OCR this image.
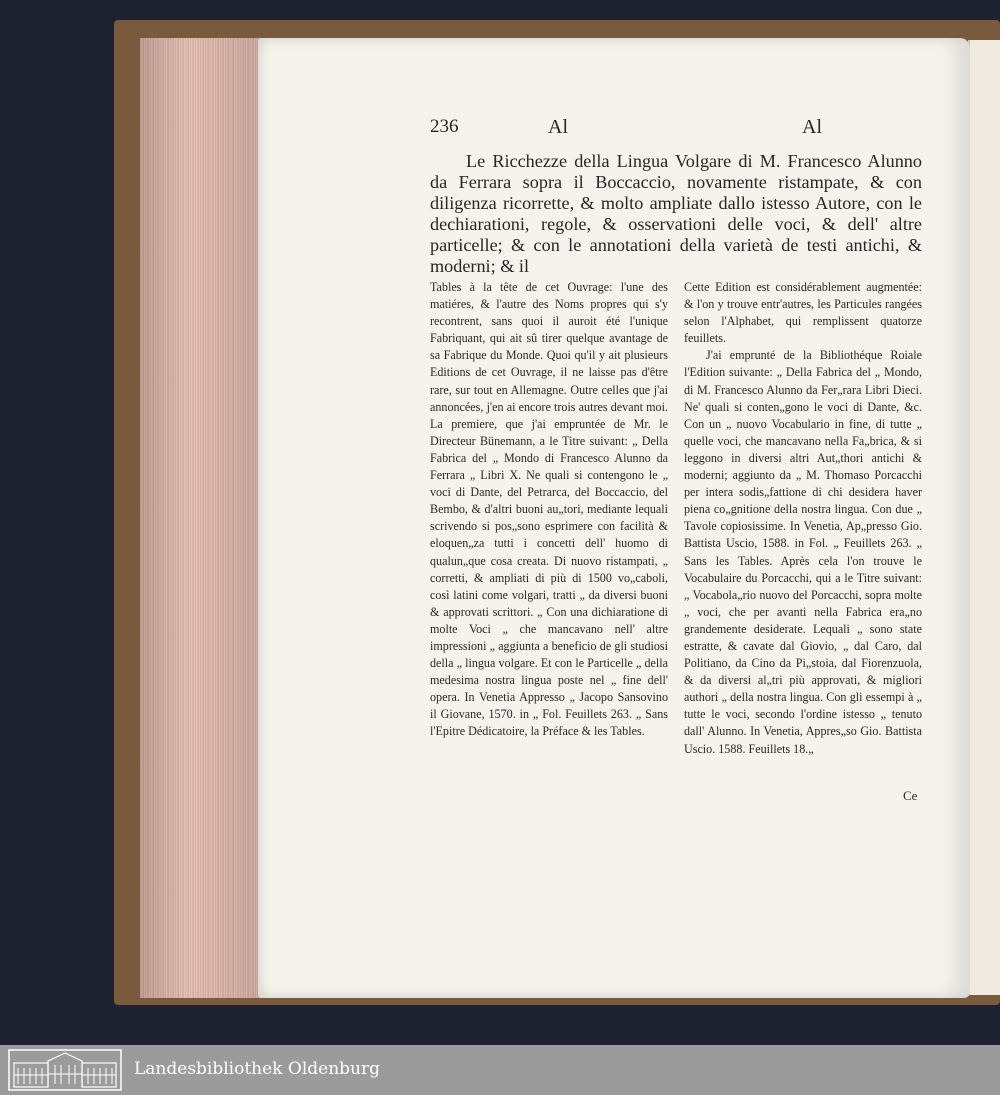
236	Al	Al
Le Ricchezze della Lingua Volgare di M. Francesco Alunno da Ferrara sopra il Boccaccio, novamente ristampate, & con diligenza ricorrette, & molto ampliate dallo istesso Autore, con le dechiarationi, regole, & osservationi delle voci, & dell' altre particelle; & con le annotationi della varietà de testi antichi, & moderni; & il

Tables à la tête de cet Ouvrage: l'une des matiéres, & l'autre des Noms propres qui s'y recontrent, sans quoi il auroit été l'unique Fabriquant, qui ait sû tirer quelque avantage de sa Fabrique du Monde. Quoi qu'il y ait plusieurs Editions de cet Ouvrage, il ne laisse pas d'être rare, sur tout en Allemagne. Outre celles que j'ai annoncées, j'en ai encore trois autres devant moi. La premiere, que j'ai empruntée de Mr. le Directeur Bünemann, a le Titre suivant: „ Della Fabrica del „ Mondo di Francesco Alunno da Ferrara „ Libri X. Ne quali si contengono le „ voci di Dante, del Petrarca, del Boccaccio, del Bembo, & d'altri buoni au„tori, mediante lequali scrivendo si pos„sono esprimere con facilità & eloquen„za tutti i concetti dell' huomo di qualun„que cosa creata. Di nuovo ristampati, „ corretti, & ampliati di più di 1500 vo„caboli, così latini come volgari, tratti „ da diversi buoni & approvati scrittori. „ Con una dichiaratione di molte Voci „ che mancavano nell' altre impressioni „ aggiunta a beneficio de gli studiosi della „ lingua volgare. Et con le Particelle „ della medesima nostra lingua poste nel „ fine dell' opera. In Venetia Appresso „ Jacopo Sansovino il Giovane, 1570. in „ Fol. Feuillets 263. „ Sans l'Epitre Dédicatoire, la Préface & les Tables.

Cette Edition est considérablement augmentée: & l'on y trouve entr'autres, les Particules rangées selon l'Alphabet, qui remplissent quatorze feuillets.

J'ai emprunté de la Bibliothéque Roiale l'Edition suivante: „ Della Fabrica del „ Mondo, di M. Francesco Alunno da Fer„rara Libri Dieci. Ne' quali si conten„gono le voci di Dante, &c. Con un „ nuovo Vocabulario in fine, di tutte „ quelle voci, che mancavano nella Fa„brica, & si leggono in diversi altri Aut„thori antichi & moderni; aggiunto da „ M. Thomaso Porcacchi per intera sodis„fattione di chi desidera haver piena co„gnitione della nostra lingua. Con due „ Tavole copiosissime. In Venetia, Ap„presso Gio. Battista Uscio, 1588. in Fol. „ Feuillets 263. „ Sans les Tables. Après cela l'on trouve le Vocabulaire du Porcacchi, qui a le Titre suivant: „ Vocabola„rio nuovo del Porcacchi, sopra molte „ voci, che per avanti nella Fabrica era„no grandemente desiderate. Lequali „ sono state estratte, & cavate dal Giovio, „ dal Caro, dal Politiano, da Cino da Pi„stoia, dal Fiorenzuola, & da diversi al„tri più approvati, & migliori authori „ della nostra lingua. Con gli essempi à „ tutte le voci, secondo l'ordine istesso „ tenuto dall' Alunno. In Venetia, Appres„so Gio. Battista Uscio. 1588. Feuillets 18.„

Ce
Landesbibliothek Oldenburg
